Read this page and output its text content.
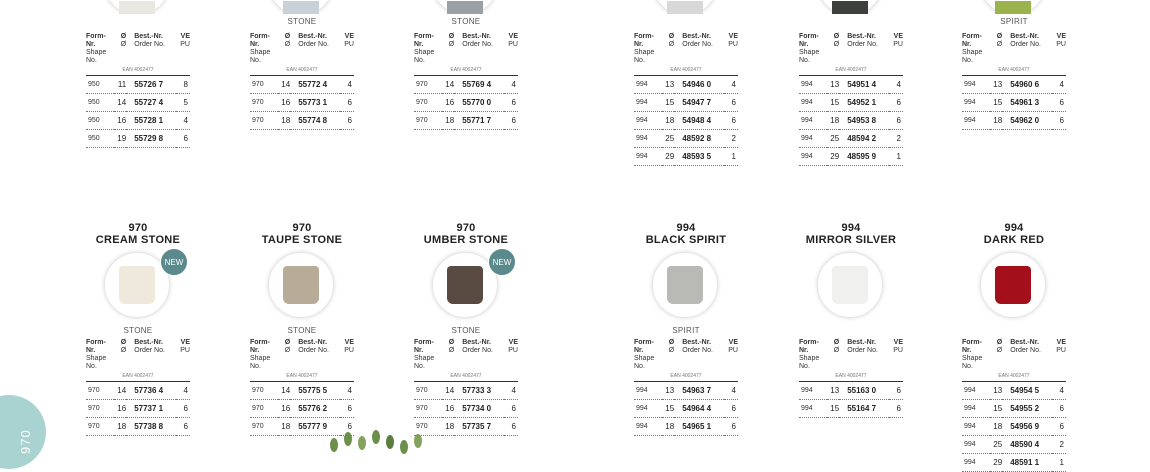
970
Form-Nr.
Shape No.	Ø
Ø	Best.-Nr.
Order No.	VE
PU

EAN 4002477			
950	11	55726 7	8
950	14	55727 4	5
950	16	55728 1	4
950	19	55729 8	6
STONE
Form-Nr.
Shape No.	Ø
Ø	Best.-Nr.
Order No.	VE
PU

EAN 4002477			
970	14	55772 4	4
970	16	55773 1	6
970	18	55774 8	6
STONE
Form-Nr.
Shape No.	Ø
Ø	Best.-Nr.
Order No.	VE
PU

EAN 4002477			
970	14	55769 4	4
970	16	55770 0	6
970	18	55771 7	6
Form-Nr.
Shape No.	Ø
Ø	Best.-Nr.
Order No.	VE
PU

EAN 4002477			
994	13	54946 0	4
994	15	54947 7	6
994	18	54948 4	6
994	25	48592 8	2
994	29	48593 5	1
Form-Nr.
Shape No.	Ø
Ø	Best.-Nr.
Order No.	VE
PU

EAN 4002477			
994	13	54951 4	4
994	15	54952 1	6
994	18	54953 8	6
994	25	48594 2	2
994	29	48595 9	1
SPIRIT
Form-Nr.
Shape No.	Ø
Ø	Best.-Nr.
Order No.	VE
PU

EAN 4002477			
994	13	54960 6	4
994	15	54961 3	6
994	18	54962 0	6
970
CREAM STONE
NEW
STONE
Form-Nr.
Shape No.	Ø
Ø	Best.-Nr.
Order No.	VE
PU

EAN 4002477			
970	14	57736 4	4
970	16	57737 1	6
970	18	57738 8	6
970
TAUPE STONE
STONE
Form-Nr.
Shape No.	Ø
Ø	Best.-Nr.
Order No.	VE
PU

EAN 4002477			
970	14	55775 5	4
970	16	55776 2	6
970	18	55777 9	6
970
UMBER STONE
NEW
STONE
Form-Nr.
Shape No.	Ø
Ø	Best.-Nr.
Order No.	VE
PU

EAN 4002477			
970	14	57733 3	4
970	16	57734 0	6
970	18	57735 7	6
994
BLACK SPIRIT
SPIRIT
Form-Nr.
Shape No.	Ø
Ø	Best.-Nr.
Order No.	VE
PU

EAN 4002477			
994	13	54963 7	4
994	15	54964 4	6
994	18	54965 1	6
994
MIRROR SILVER
Form-Nr.
Shape No.	Ø
Ø	Best.-Nr.
Order No.	VE
PU

EAN 4002477			
994	13	55163 0	6
994	15	55164 7	6
994
DARK RED
Form-Nr.
Shape No.	Ø
Ø	Best.-Nr.
Order No.	VE
PU

EAN 4002477			
994	13	54954 5	4
994	15	54955 2	6
994	18	54956 9	6
994	25	48590 4	2
994	29	48591 1	1
